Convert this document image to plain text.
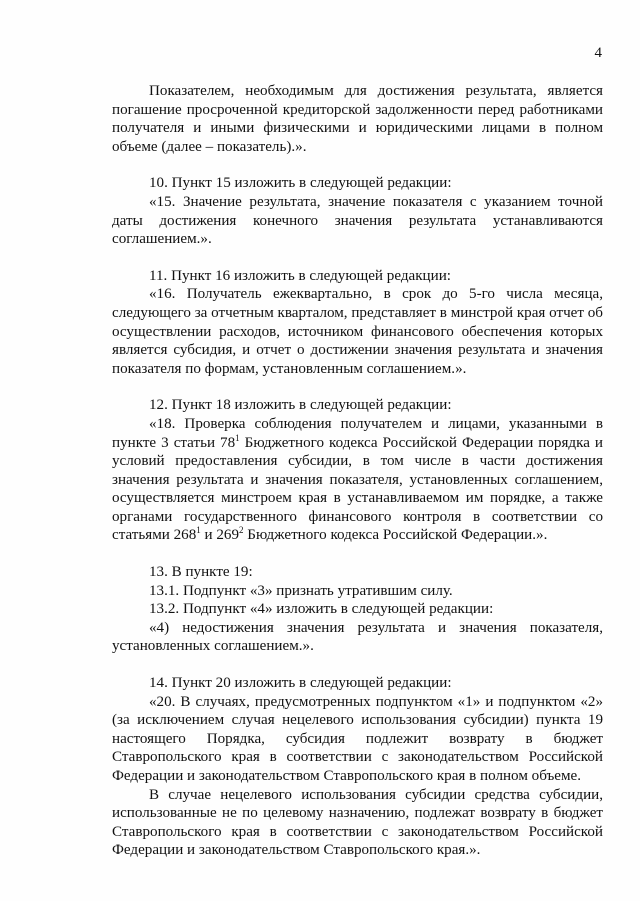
4

Показателем, необходимым для достижения результата, является погашение просроченной кредиторской задолженности перед работниками получателя и иными физическими и юридическими лицами в полном объеме (далее – показатель).».

10. Пункт 15 изложить в следующей редакции:

«15. Значение результата, значение показателя с указанием точной даты достижения конечного значения результата устанавливаются соглашением.».

11. Пункт 16 изложить в следующей редакции:

«16. Получатель ежеквартально, в срок до 5-го числа месяца, следующего за отчетным кварталом, представляет в минстрой края отчет об осуществлении расходов, источником финансового обеспечения которых является субсидия, и отчет о достижении значения результата и значения показателя по формам, установленным соглашением.».

12. Пункт 18 изложить в следующей редакции:

«18. Проверка соблюдения получателем и лицами, указанными в пункте 3 статьи $78^1$ Бюджетного кодекса Российской Федерации порядка и условий предоставления субсидии, в том числе в части достижения значения результата и значения показателя, установленных соглашением, осуществляется минстроем края в устанавливаемом им порядке, а также органами государственного финансового контроля в соответствии со статьями $268^1$ и $269^2$ Бюджетного кодекса Российской Федерации.».

13. В пункте 19:

13.1. Подпункт «3» признать утратившим силу.

13.2. Подпункт «4» изложить в следующей редакции:

«4) недостижения значения результата и значения показателя, установленных соглашением.».

14. Пункт 20 изложить в следующей редакции:

«20. В случаях, предусмотренных подпунктом «1» и подпунктом «2» (за исключением случая нецелевого использования субсидии) пункта 19 настоящего Порядка, субсидия подлежит возврату в бюджет Ставропольского края в соответствии с законодательством Российской Федерации и законодательством Ставропольского края в полном объеме.

В случае нецелевого использования субсидии средства субсидии, использованные не по целевому назначению, подлежат возврату в бюджет Ставропольского края в соответствии с законодательством Российской Федерации и законодательством Ставропольского края.».
